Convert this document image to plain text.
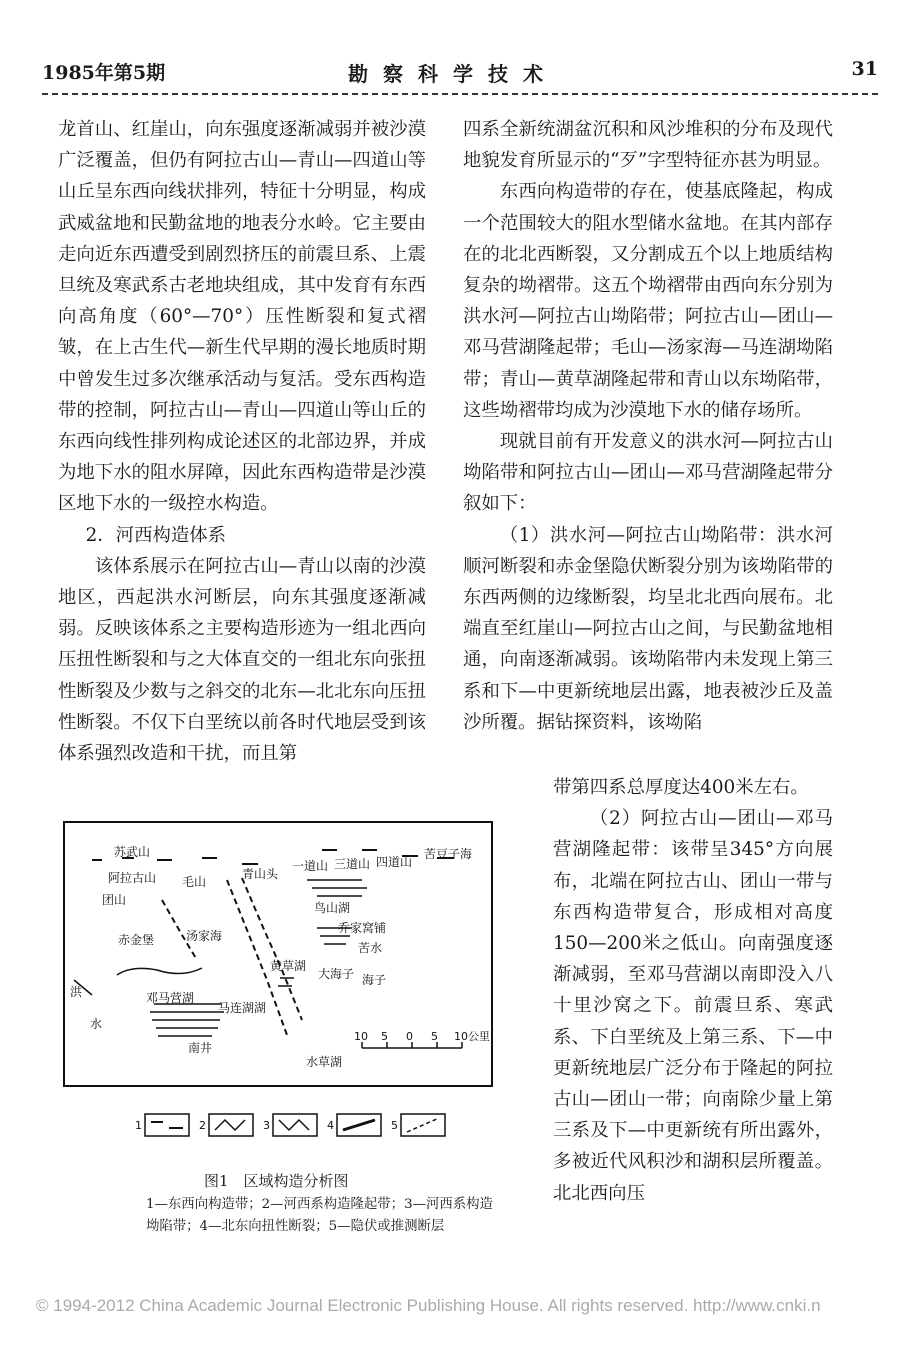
1985年第5期	勘察科学技术	31

龙首山、红崖山，向东强度逐渐减弱并被沙漠广泛覆盖，但仍有阿拉古山—青山—四道山等山丘呈东西向线状排列，特征十分明显，构成武威盆地和民勤盆地的地表分水岭。它主要由走向近东西遭受到剧烈挤压的前震旦系、上震旦统及寒武系古老地块组成，其中发育有东西向高角度（60°—70°）压性断裂和复式褶皱，在上古生代—新生代早期的漫长地质时期中曾发生过多次继承活动与复活。受东西构造带的控制，阿拉古山—青山—四道山等山丘的东西向线性排列构成论述区的北部边界，并成为地下水的阻水屏障，因此东西构造带是沙漠区地下水的一级控水构造。

2．河西构造体系

该体系展示在阿拉古山—青山以南的沙漠地区，西起洪水河断层，向东其强度逐渐减弱。反映该体系之主要构造形迹为一组北西向压扭性断裂和与之大体直交的一组北东向张扭性断裂及少数与之斜交的北东—北北东向压扭性断裂。不仅下白垩统以前各时代地层受到该体系强烈改造和干扰，而且第

四系全新统湖盆沉积和风沙堆积的分布及现代地貌发育所显示的“歹”字型特征亦甚为明显。

东西向构造带的存在，使基底隆起，构成一个范围较大的阻水型储水盆地。在其内部存在的北北西断裂，又分割成五个以上地质结构复杂的坳褶带。这五个坳褶带由西向东分别为洪水河—阿拉古山坳陷带；阿拉古山—团山—邓马营湖隆起带；毛山—汤家海—马连湖坳陷带；青山—黄草湖隆起带和青山以东坳陷带，这些坳褶带均成为沙漠地下水的储存场所。

现就目前有开发意义的洪水河—阿拉古山坳陷带和阿拉古山—团山—邓马营湖隆起带分叙如下：

（1）洪水河—阿拉古山坳陷带：洪水河顺河断裂和赤金堡隐伏断裂分别为该坳陷带的东西两侧的边缘断裂，均呈北北西向展布。北端直至红崖山—阿拉古山之间，与民勤盆地相通，向南逐渐减弱。该坳陷带内未发现上第三系和下—中更新统地层出露，地表被沙丘及盖沙所覆。据钻探资料，该坳陷

带第四系总厚度达400米左右。

（2）阿拉古山—团山—邓马营湖隆起带：该带呈345°方向展布，北端在阿拉古山、团山一带与东西构造带复合，形成相对高度150—200米之低山。向南强度逐渐减弱，至邓马营湖以南即没入八十里沙窝之下。前震旦系、寒武系、下白垩统及上第三系、下—中更新统地层广泛分布于隆起的阿拉古山—团山一带；向南除少量上第三系及下—中更新统有所出露外，多被近代风积沙和湖积层所覆盖。北北西向压

10 5 0 5 10公里
苏武山
阿拉古山 毛山
青山头
三道山 四道山
一道山
苦豆子海
团山
鸟山湖
乔家窝铺
赤金堡	汤家海
苦水
黄草湖
大海子 海子
邓马营湖
马连湖湖
南井
洪
水
水草湖
1	2	3	4	5
图1　区域构造分析图
1—东西向构造带；2—河西系构造隆起带；3—河西系构造坳陷带；4—北东向扭性断裂；5—隐伏或推测断层
© 1994-2012 China Academic Journal Electronic Publishing House. All rights reserved. http://www.cnki.n
